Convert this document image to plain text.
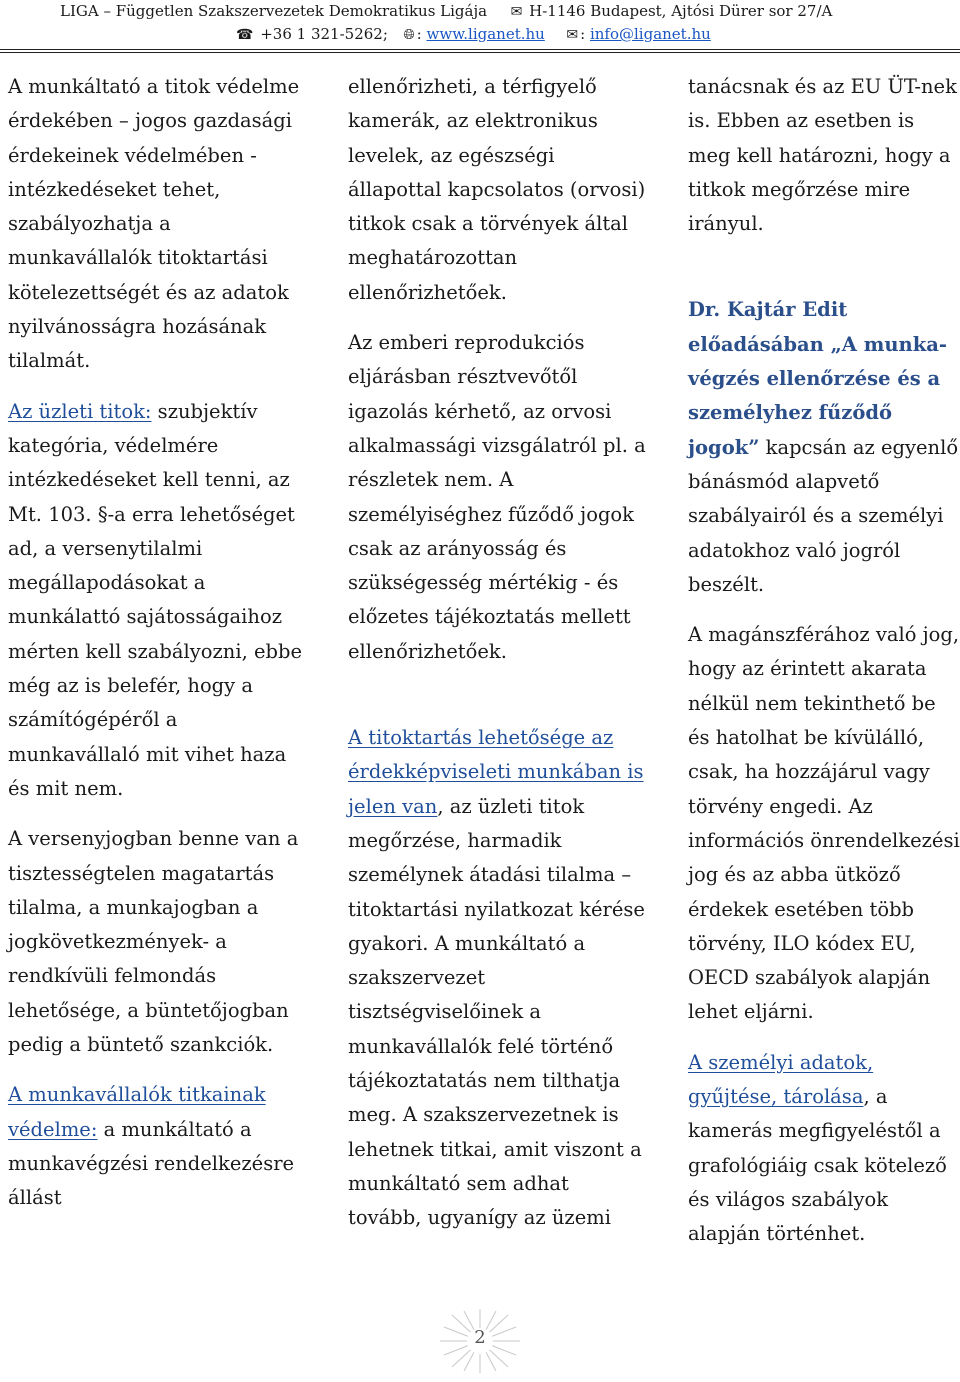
LIGA – Független Szakszervezetek Demokratikus Ligája ✉ H-1146 Budapest, Ajtósi Dürer sor 27/A
☎ +36 1 321-5262; 🌐︎ : www.liganet.hu ✉ : info@liganet.hu

A munkáltató a titok védelme érdekében – jogos gazdasági érdekeinek védelmében - intézkedéseket tehet, szabályozhatja a munkavállalók titoktartási kötelezettségét és az adatok nyilvánosságra hozásának tilalmát.

Az üzleti titok: szubjektív kategória, védelmére intézkedéseket kell tenni, az Mt. 103. §-a erra lehetőséget ad, a versenytilalmi megállapodásokat a munkálattó sajátosságaihoz mérten kell szabályozni, ebbe még az is belefér, hogy a számítógépéről a munkavállaló mit vihet haza és mit nem.

A versenyjogban benne van a tisztességtelen magatartás tilalma, a munkajogban a jogkövetkezmények- a rendkívüli felmondás lehetősége, a büntetőjogban pedig a büntető szankciók.

A munkavállalók titkainak védelme: a munkáltató a munkavégzési rendelkezésre állást

ellenőrizheti, a térfigyelő kamerák, az elektronikus levelek, az egészségi állapottal kapcsolatos (orvosi) titkok csak a törvények által meghatározottan ellenőrizhetőek.

Az emberi reprodukciós eljárásban résztvevőtől igazolás kérhető, az orvosi alkalmassági vizsgálatról pl. a részletek nem. A személyiséghez fűződő jogok csak az arányosság és szükségesség mértékig - és előzetes tájékoztatás mellett ellenőrizhetőek.

A titoktartás lehetősége az érdekképviseleti munkában is jelen van, az üzleti titok megőrzése, harmadik személynek átadási tilalma – titoktartási nyilatkozat kérése gyakori. A munkáltató a szakszervezet tisztségviselőinek a munkavállalók felé történő tájékoztatatás nem tilthatja meg. A szakszervezetnek is lehetnek titkai, amit viszont a munkáltató sem adhat tovább, ugyanígy az üzemi

tanácsnak és az EU ÜT-nek is. Ebben az esetben is meg kell határozni, hogy a titkok megőrzése mire irányul.

Dr. Kajtár Edit előadásában „A munka-végzés ellenőrzése és a személyhez fűződő jogok” kapcsán az egyenlő bánásmód alapvető szabályairól és a személyi adatokhoz való jogról beszélt.

A magánszférához való jog, hogy az érintett akarata nélkül nem tekinthető be és hatolhat be kívülálló, csak, ha hozzájárul vagy törvény engedi. Az információs önrendelkezési jog és az abba ütköző érdekek esetében több törvény, ILO kódex EU, OECD szabályok alapján lehet eljárni.

A személyi adatok, gyűjtése, tárolása, a kamerás megfigyeléstől a grafológiáig csak kötelező és világos szabályok alapján történhet.

2
